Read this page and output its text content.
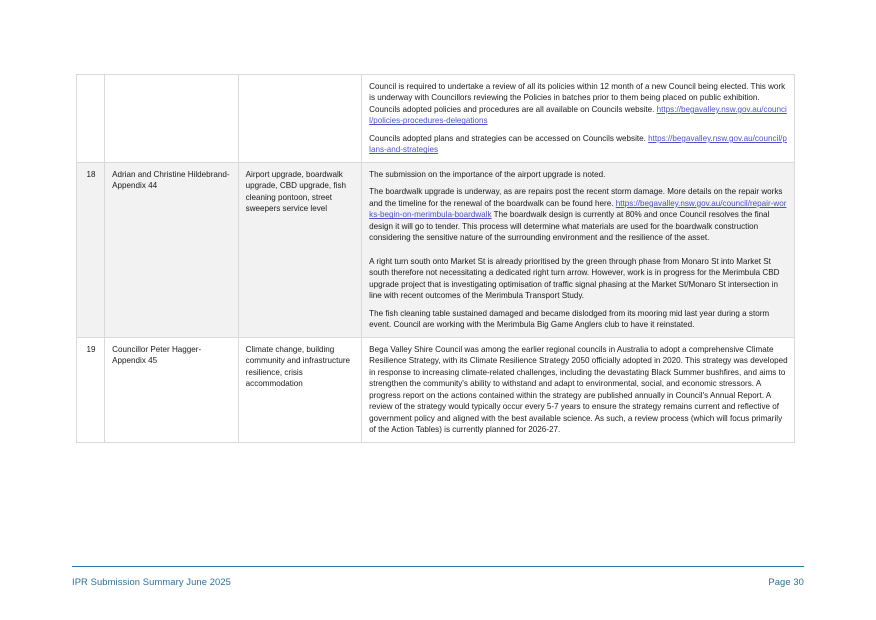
			Council is required to undertake a review of all its policies within 12 month of a new Council being elected. This work is underway with Councillors reviewing the Policies in batches prior to them being placed on public exhibition. Councils adopted policies and procedures are all available on Councils website. https://begavalley.nsw.gov.au/council/policies-procedures-delegations

Councils adopted plans and strategies can be accessed on Councils website. https://begavalley.nsw.gov.au/council/plans-and-strategies

18	Adrian and Christine Hildebrand- Appendix 44	Airport upgrade, boardwalk upgrade, CBD upgrade, fish cleaning pontoon, street sweepers service level	The submission on the importance of the airport upgrade is noted.

The boardwalk upgrade is underway, as are repairs post the recent storm damage. More details on the repair works and the timeline for the renewal of the boardwalk can be found here. https://begavalley.nsw.gov.au/council/repair-works-begin-on-merimbula-boardwalk The boardwalk design is currently at 80% and once Council resolves the final design it will go to tender. This process will determine what materials are used for the boardwalk construction considering the sensitive nature of the surrounding environment and the resilience of the asset.

A right turn south onto Market St is already prioritised by the green through phase from Monaro St into Market St south therefore not necessitating a dedicated right turn arrow. However, work is in progress for the Merimbula CBD upgrade project that is investigating optimisation of traffic signal phasing at the Market St/Monaro St intersection in line with recent outcomes of the Merimbula Transport Study.

The fish cleaning table sustained damaged and became dislodged from its mooring mid last year during a storm event. Council are working with the Merimbula Big Game Anglers club to have it reinstated.

19	Councillor Peter Hagger- Appendix 45	Climate change, building community and infrastructure resilience, crisis accommodation	Bega Valley Shire Council was among the earlier regional councils in Australia to adopt a comprehensive Climate Resilience Strategy, with its Climate Resilience Strategy 2050 officially adopted in 2020. This strategy was developed in response to increasing climate-related challenges, including the devastating Black Summer bushfires, and aims to strengthen the community's ability to withstand and adapt to environmental, social, and economic stressors. A progress report on the actions contained within the strategy are published annually in Council's Annual Report. A review of the strategy would typically occur every 5-7 years to ensure the strategy remains current and reflective of government policy and aligned with the best available science. As such, a review process (which will focus primarily of the Action Tables) is currently planned for 2026-27.

IPR Submission Summary June 2025	Page 30
